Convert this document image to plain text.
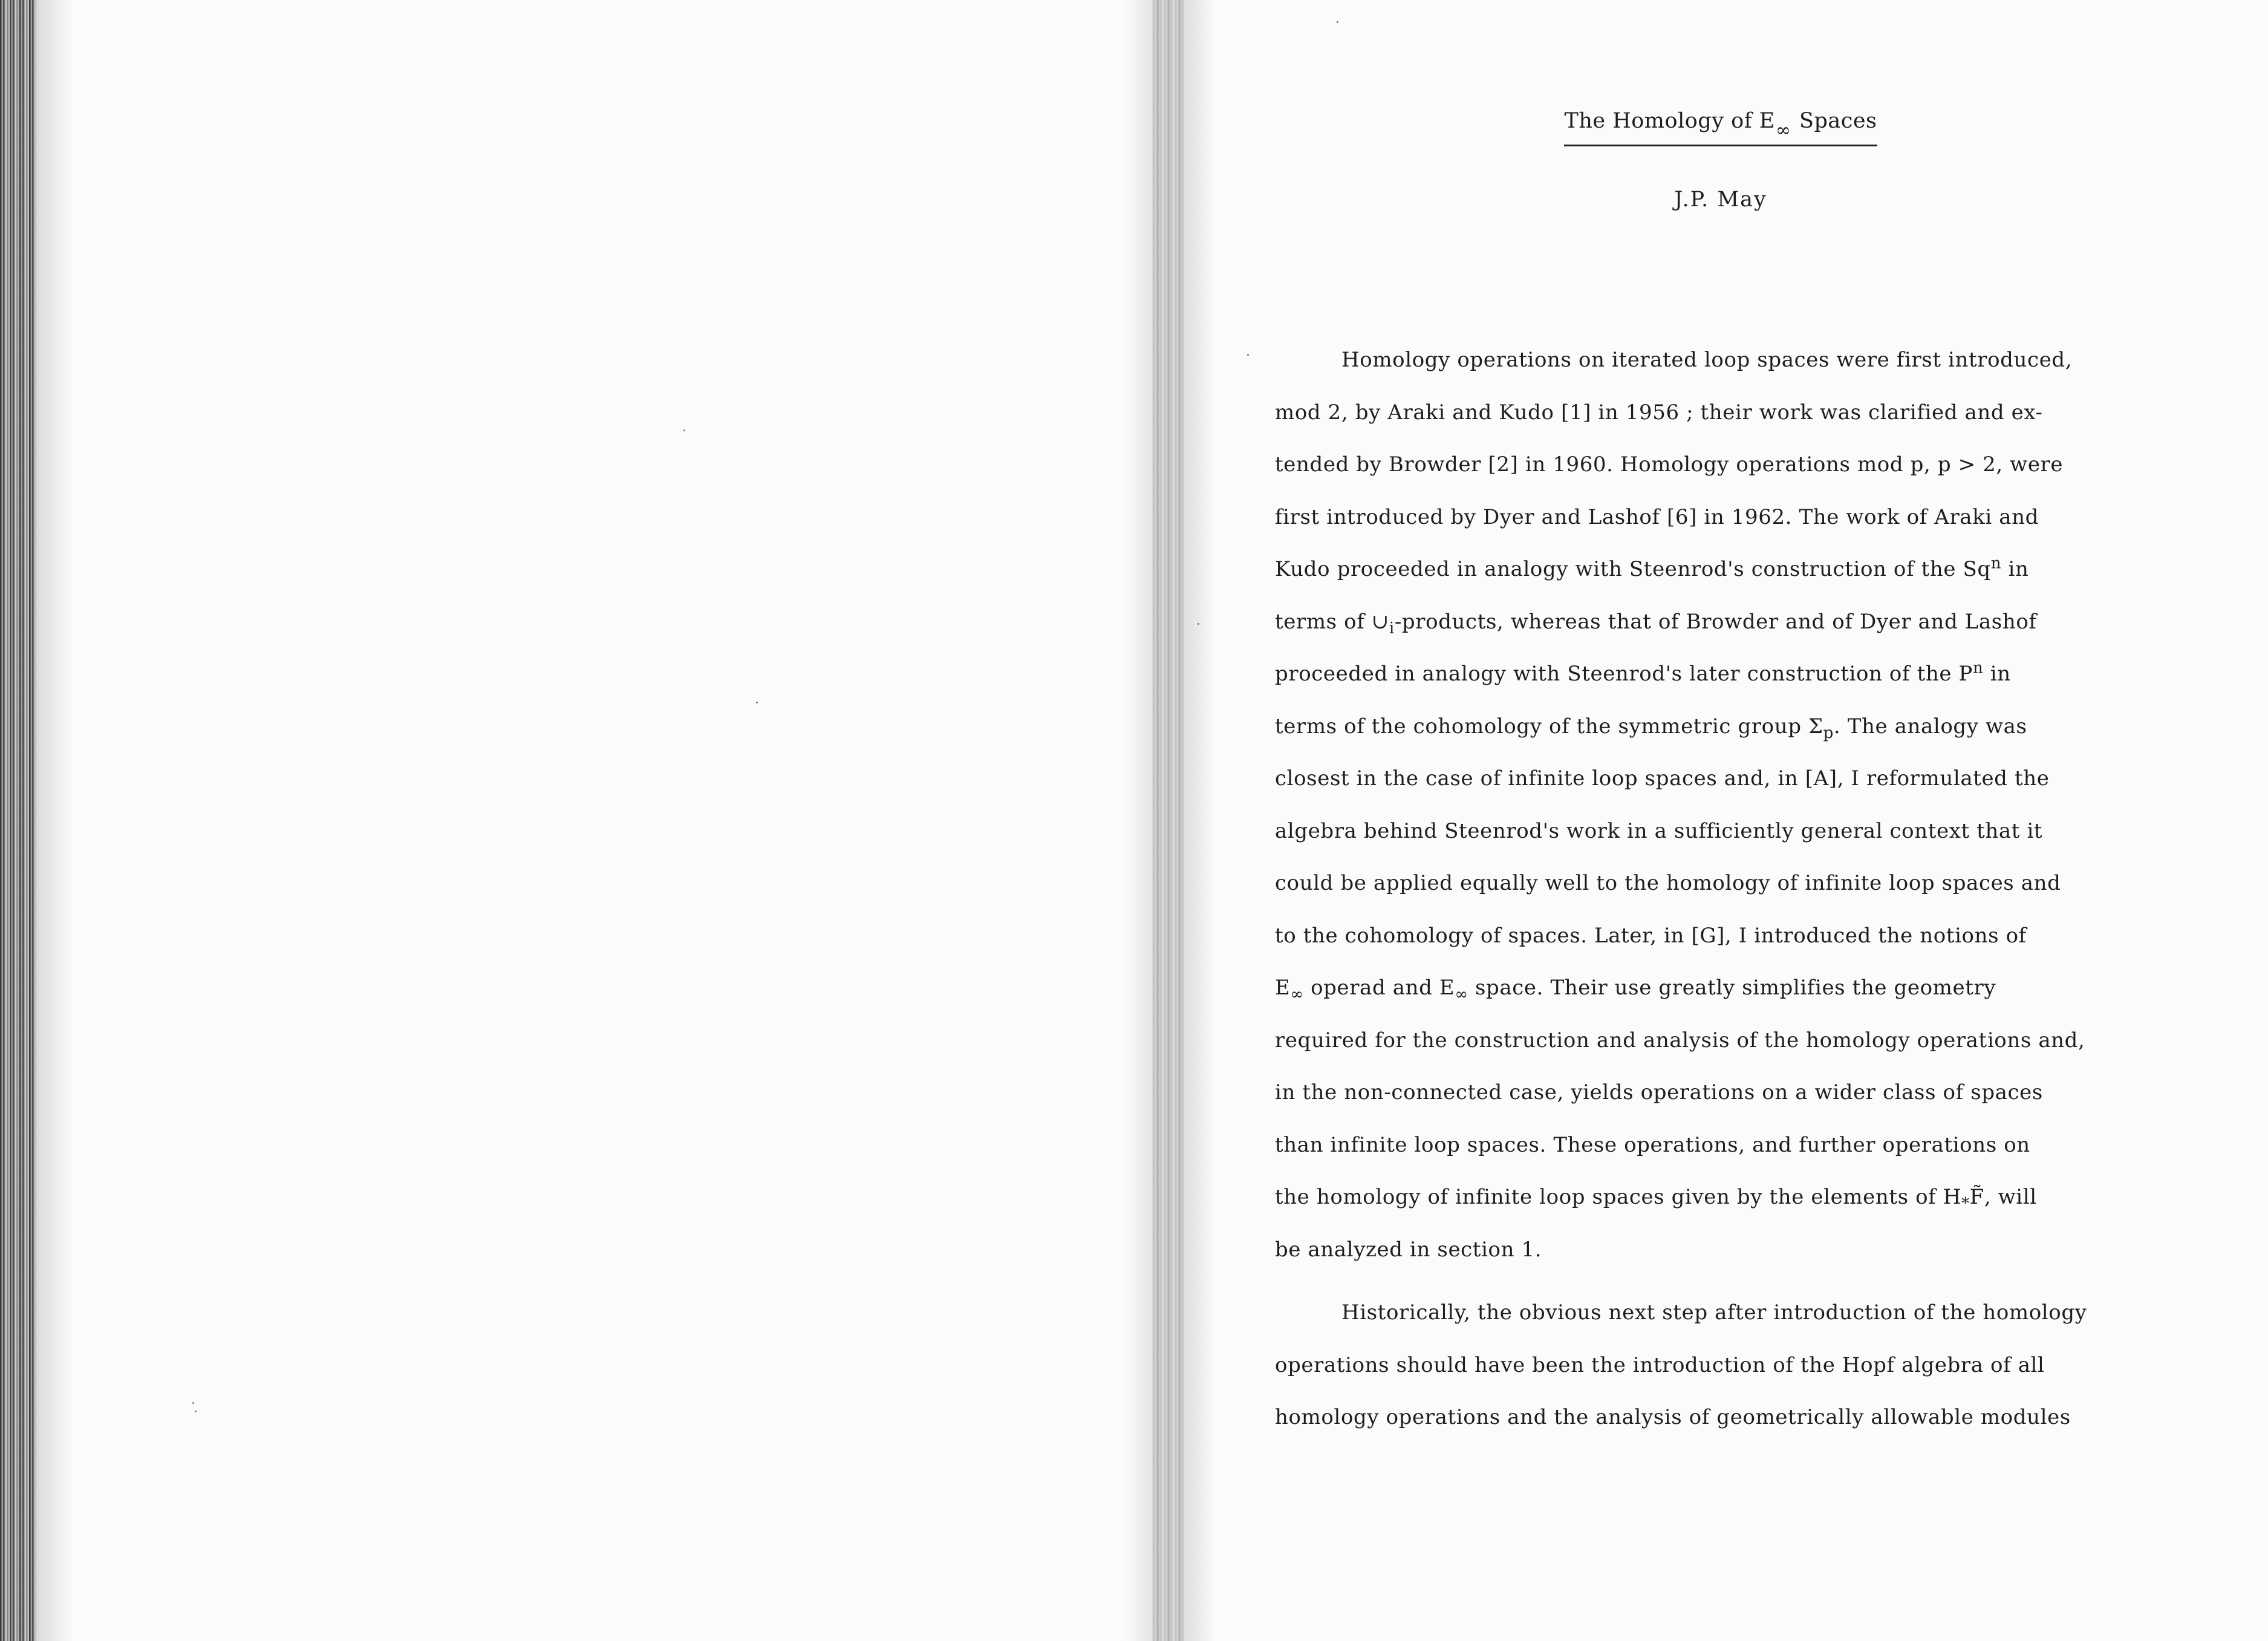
The Homology of E∞ Spaces
J.P. May
Homology operations on iterated loop spaces were first introduced,
mod 2, by Araki and Kudo [1] in 1956 ; their work was clarified and ex-
tended by Browder [2] in 1960. Homology operations mod p, p > 2, were
first introduced by Dyer and Lashof [6] in 1962. The work of Araki and
Kudo proceeded in analogy with Steenrod's construction of the Sq$^n$ in
terms of $\cup_i$-products, whereas that of Browder and of Dyer and Lashof
proceeded in analogy with Steenrod's later construction of the $P^n$ in
terms of the cohomology of the symmetric group $\Sigma_p$. The analogy was
closest in the case of infinite loop spaces and, in [A], I reformulated the
algebra behind Steenrod's work in a sufficiently general context that it
could be applied equally well to the homology of infinite loop spaces and
to the cohomology of spaces. Later, in [G], I introduced the notions of
$E_\infty$ operad and $E_\infty$ space. Their use greatly simplifies the geometry
required for the construction and analysis of the homology operations and,
in the non-connected case, yields operations on a wider class of spaces
than infinite loop spaces. These operations, and further operations on
the homology of infinite loop spaces given by the elements of $H_*F̃$, will
be analyzed in section 1.
Historically, the obvious next step after introduction of the homology
operations should have been the introduction of the Hopf algebra of all
homology operations and the analysis of geometrically allowable modules
